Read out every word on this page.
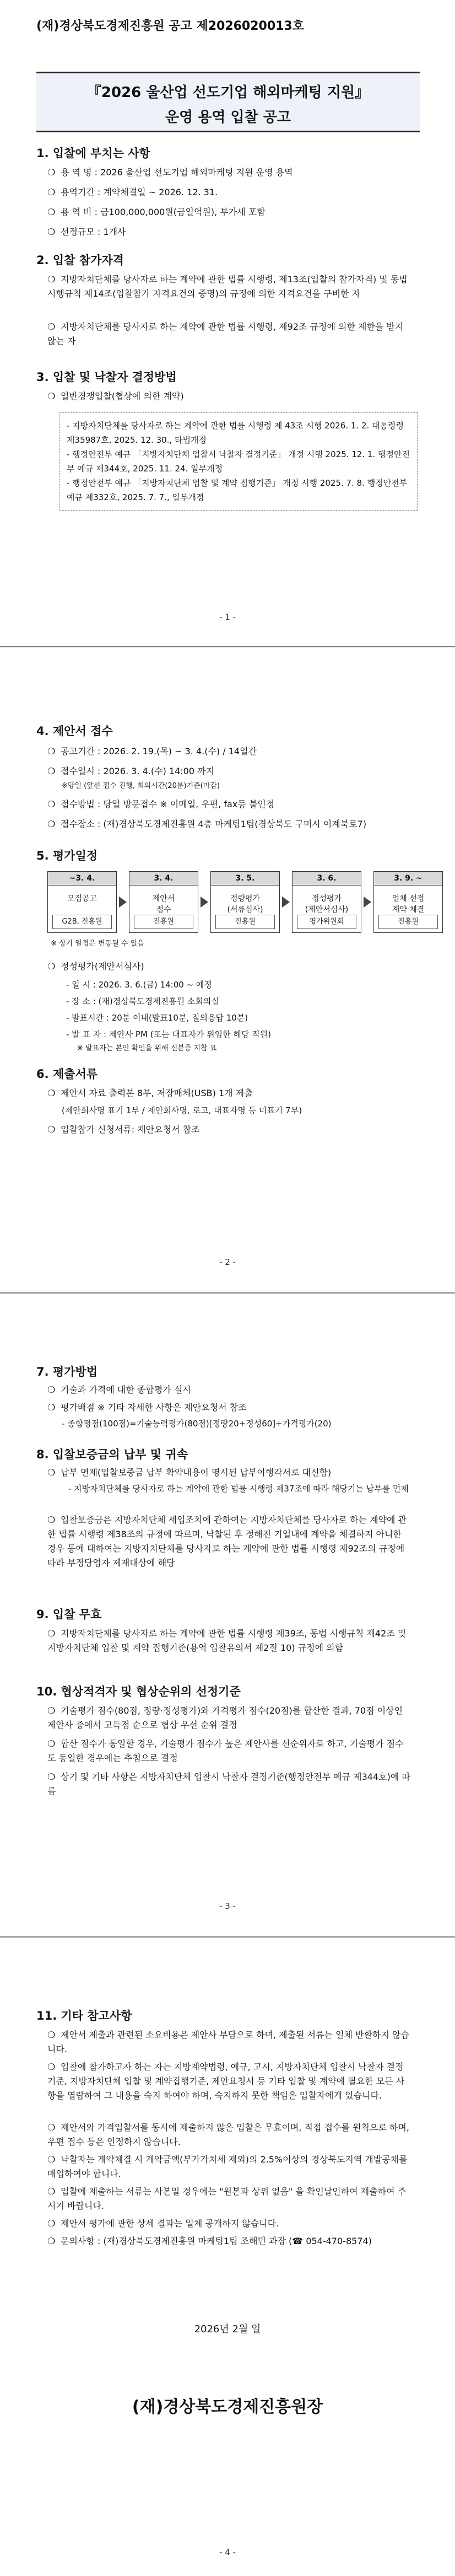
(재)경상북도경제진흥원 공고 제2026020013호
『2026 울산업 선도기업 해외마케팅 지원』
운영 용역 입찰 공고
1. 입찰에 부치는 사항
❍ 용 역 명 : 2026 울산업 선도기업 해외마케팅 지원 운영 용역
❍ 용역기간 : 계약체결일 ~ 2026. 12. 31.
❍ 용 역 비 : 금100,000,000원(금일억원), 부가세 포함
❍ 선정규모 : 1개사
2. 입찰 참가자격
❍ 지방자치단체를 당사자로 하는 계약에 관한 법률 시행령, 제13조(입찰의 참가자격) 및 동법 시행규칙 제14조(입찰참가 자격요건의 증명)의 규정에 의한 자격요건을 구비한 자
❍ 지방자치단체를 당사자로 하는 계약에 관한 법률 시행령, 제92조 규정에 의한 제한을 받지 않는 자
3. 입찰 및 낙찰자 결정방법
❍ 일반경쟁입찰(협상에 의한 계약)
- 지방자치단체를 당사자로 하는 계약에 관한 법률 시행령 제 43조 시행 2026. 1. 2. 대통령령 제35987호, 2025. 12. 30., 타법개정
- 행정안전부 예규 「지방자치단체 입찰시 낙찰자 결정기준」 개정 시행 2025. 12. 1. 행정안전부 예규 제344호, 2025. 11. 24. 일부개정
- 행정안전부 예규 「지방자치단체 입찰 및 계약 집행기준」 개정 시행 2025. 7. 8. 행정안전부 예규 제332호, 2025. 7. 7., 일부개정
- 1 -
4. 제안서 접수
❍ 공고기간 : 2026. 2. 19.(목) ~ 3. 4.(수) / 14일간
❍ 접수일시 : 2026. 3. 4.(수) 14:00 까지
※당일 (앞선 접수 진행, 회의시간(20분)기준(마감)
❍ 접수방법 : 당일 방문접수 ※ 이메일, 우편, fax등 불인정
❍ 접수장소 : (재)경상북도경제진흥원 4층 마케팅1팀(경상북도 구미시 이계북로7)
5. 평가일정
~3. 4.
모집공고
G2B, 진흥원
3. 4.
제안서
접수
진흥원
3. 5.
정량평가
(서류심사)
진흥원
3. 6.
정성평가
(제안서심사)
평가위원회
3. 9. ~
업체 선정
계약 체결
진흥원
※ 상기 일정은 변동될 수 있음
❍ 정성평가(제안서심사)
- 일 시 : 2026. 3. 6.(금) 14:00 ~ 예정
- 장 소 : (재)경상북도경제진흥원 소회의실
- 발표시간 : 20분 이내(발표10분, 질의응답 10분)
- 발 표 자 : 제안사 PM (또는 대표자가 위임한 해당 직원)
※ 발표자는 본인 확인을 위해 신분증 지참 요
6. 제출서류
❍ 제안서 자료 출력본 8부, 저장매체(USB) 1개 제출
(제안회사명 표기 1부 / 제안회사명, 로고, 대표자명 등 미표기 7부)
❍ 입찰참가 신청서류: 제안요청서 참조
- 2 -
7. 평가방법
❍ 기술과 가격에 대한 종합평가 실시
❍ 평가배점 ※ 기타 자세한 사항은 제안요청서 참조
- 종합평점(100점)=기술능력평가(80점)[정량20+정성60]+가격평가(20)
8. 입찰보증금의 납부 및 귀속
❍ 납부 면제(입찰보증금 납부 확약내용이 명시된 납부이행각서로 대신함)
- 지방자치단체를 당사자로 하는 계약에 관한 법률 시행령 제37조에 따라 해당기는 납부를 면제
❍ 입찰보증금은 지방자치단체 세입조치에 관하여는 지방자치단체를 당사자로 하는 계약에 관한 법률 시행령 제38조의 규정에 따르며, 낙찰된 후 정해진 기일내에 계약을 체결하지 아니한 경우 등에 대하여는 지방자치단체를 당사자로 하는 계약에 관한 법률 시행령 제92조의 규정에 따라 부정당업자 제재대상에 해당
9. 입찰 무효
❍ 지방자치단체를 당사자로 하는 계약에 관한 법률 시행령 제39조, 동법 시행규칙 제42조 및 지방자치단체 입찰 및 계약 집행기준(용역 입찰유의서 제2절 10) 규정에 의함
10. 협상적격자 및 협상순위의 선정기준
❍ 기술평가 점수(80점, 정량·정성평가)와 가격평가 점수(20점)를 합산한 결과, 70점 이상인 제안사 중에서 고득점 순으로 협상 우선 순위 결정
❍ 합산 점수가 동일할 경우, 기술평가 점수가 높은 제안사를 선순위자로 하고, 기술평가 점수도 동일한 경우에는 추첨으로 결정
❍ 상기 및 기타 사항은 지방자치단체 입찰시 낙찰자 결정기준(행정안전부 예규 제344호)에 따름
- 3 -
11. 기타 참고사항
❍ 제안서 제출과 관련된 소요비용은 제안사 부담으로 하며, 제출된 서류는 일체 반환하지 않습니다.
❍ 입찰에 참가하고자 하는 자는 지방계약법령, 예규, 고시, 지방자치단체 입찰시 낙찰자 결정기준, 지방자치단체 입찰 및 계약집행기준, 제안요청서 등 기타 입찰 및 계약에 필요한 모든 사항을 열람하여 그 내용을 숙지 하여야 하며, 숙지하지 못한 책임은 입찰자에게 있습니다.
❍ 제안서와 가격입찰서를 동시에 제출하지 않은 입찰은 무효이며, 직접 접수를 원칙으로 하며, 우편 접수 등은 인정하지 않습니다.
❍ 낙찰자는 계약체결 시 계약금액(부가가치세 제외)의 2.5%이상의 경상북도지역 개발공채를 매입하여야 합니다.
❍ 입찰에 제출하는 서류는 사본일 경우에는 "원본과 상위 없음" 을 확인날인하여 제출하여 주시기 바랍니다.
❍ 제안서 평가에 관한 상세 결과는 일체 공개하지 않습니다.
❍ 문의사항 : (재)경상북도경제진흥원 마케팅1팀 조해민 과장 (☎ 054-470-8574)
2026년 2월 일
(재)경상북도경제진흥원장
- 4 -
